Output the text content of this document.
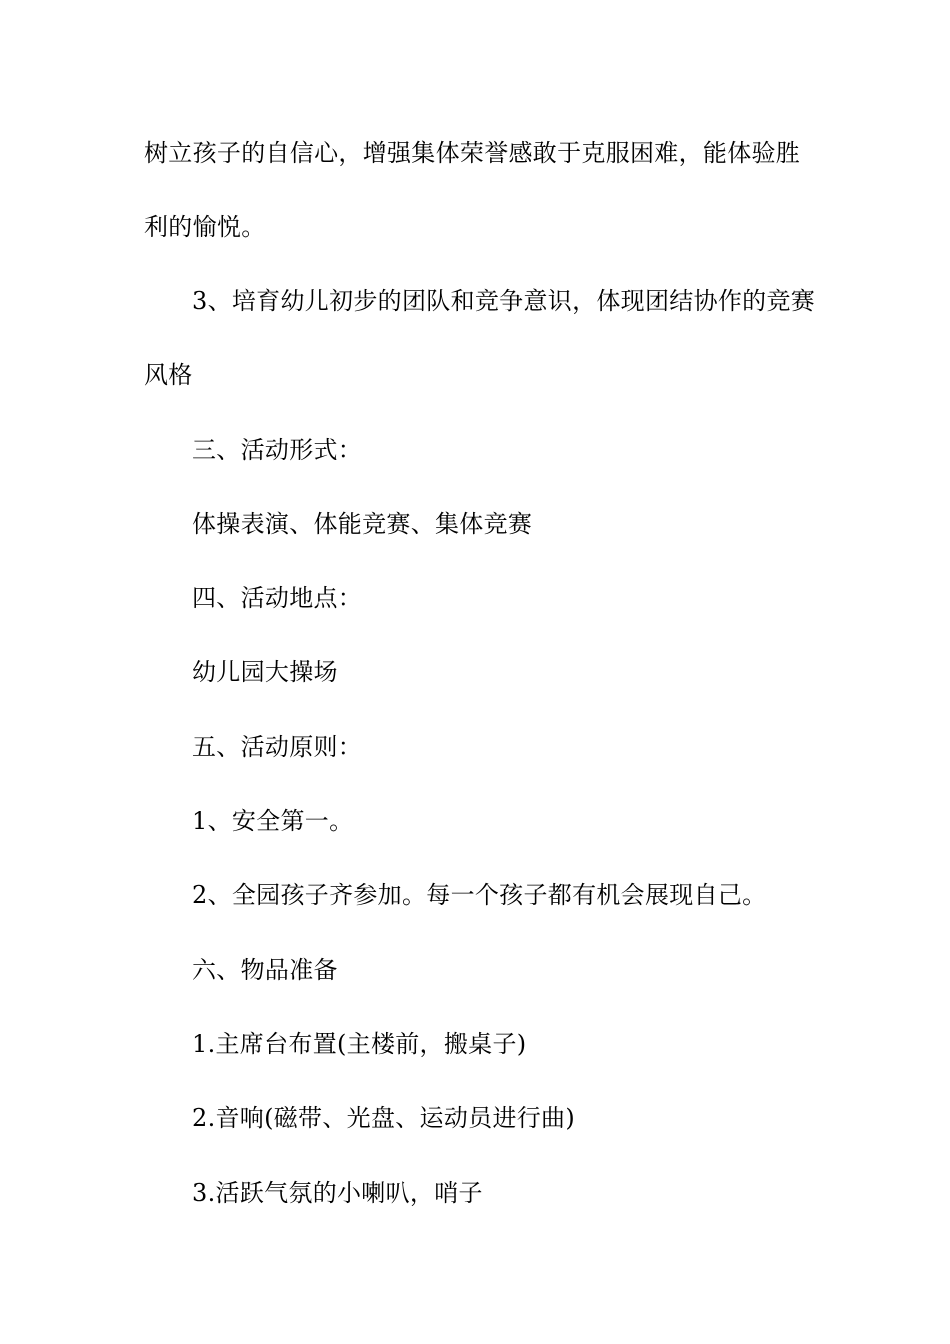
树立孩子的自信心，增强集体荣誉感敢于克服困难，能体验胜
利的愉悦。
3、培育幼儿初步的团队和竞争意识，体现团结协作的竞赛
风格
三、活动形式：
体操表演、体能竞赛、集体竞赛
四、活动地点：
幼儿园大操场
五、活动原则：
1、安全第一。
2、全园孩子齐参加。每一个孩子都有机会展现自己。
六、物品准备
1.主席台布置(主楼前，搬桌子)
2.音响(磁带、光盘、运动员进行曲)
3.活跃气氛的小喇叭，哨子
